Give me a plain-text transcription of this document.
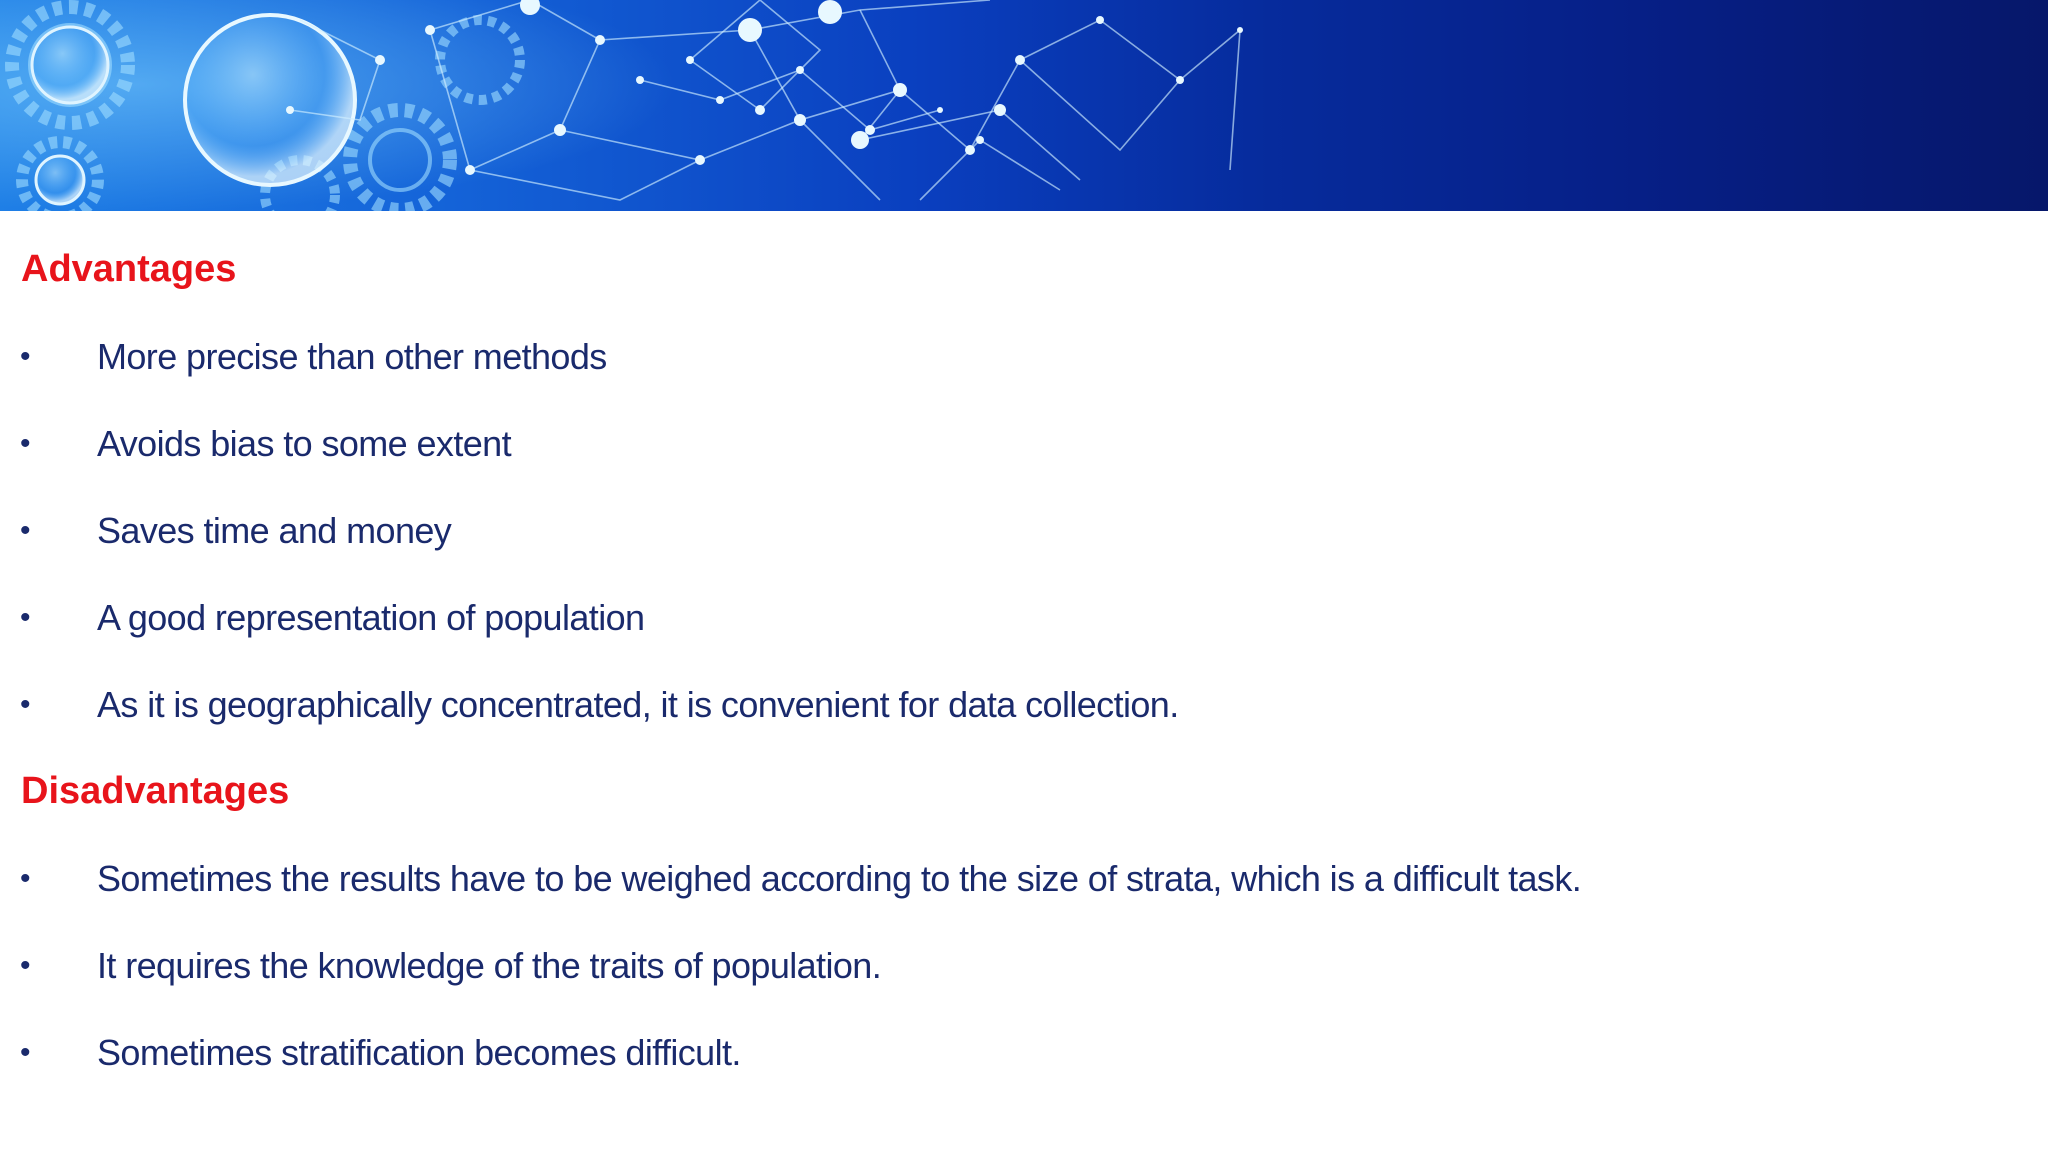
Advantages
• More precise than other methods
• Avoids bias to some extent
• Saves time and money
• A good representation of population
• As it is geographically concentrated, it is convenient for data collection.
Disadvantages
• Sometimes the results have to be weighed according to the size of strata, which is a difficult task.
• It requires the knowledge of the traits of population.
• Sometimes stratification becomes difficult.
